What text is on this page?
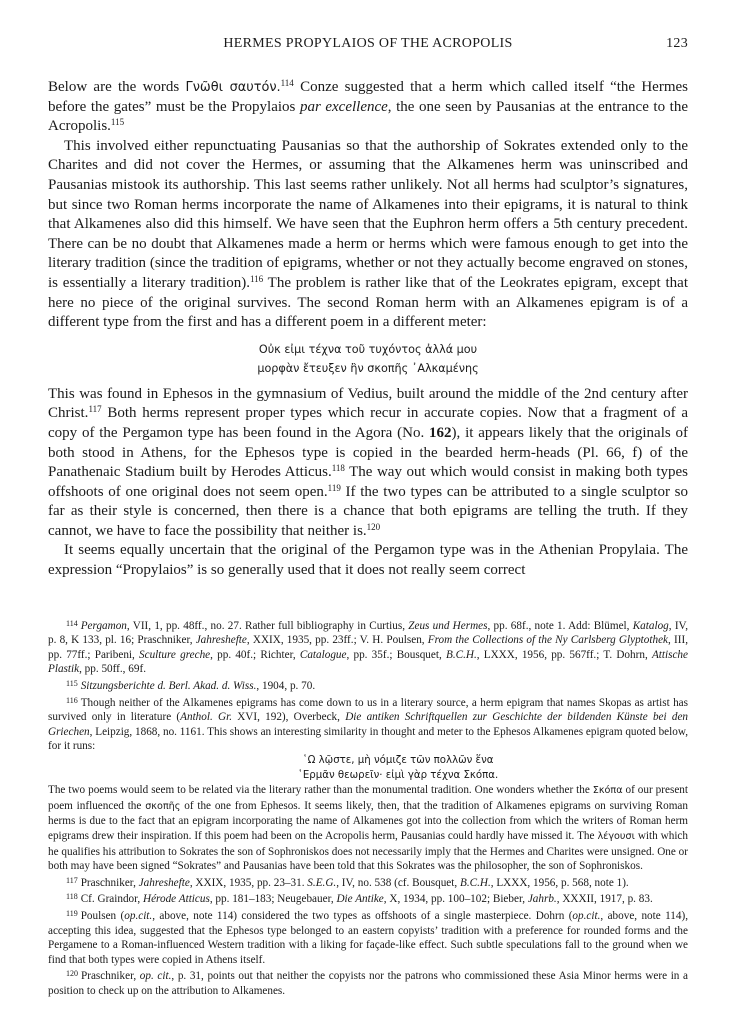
HERMES PROPYLAIOS OF THE ACROPOLIS	123

Below are the words Γνῶθι σαυτόν.$^{114}$ Conze suggested that a herm which called itself “the Hermes before the gates” must be the Propylaios par excellence, the one seen by Pausanias at the entrance to the Acropolis.$^{115}$

This involved either repunctuating Pausanias so that the authorship of Sokrates extended only to the Charites and did not cover the Hermes, or assuming that the Alkamenes herm was uninscribed and Pausanias mistook its authorship. This last seems rather unlikely. Not all herms had sculptor’s signatures, but since two Roman herms incorporate the name of Alkamenes into their epigrams, it is natural to think that Alkamenes also did this himself. We have seen that the Euphron herm offers a 5th century precedent. There can be no doubt that Alkamenes made a herm or herms which were famous enough to get into the literary tradition (since the tradition of epigrams, whether or not they actually become engraved on stones, is essentially a literary tradition).$^{116}$ The problem is rather like that of the Leokrates epigram, except that here no piece of the original survives. The second Roman herm with an Alkamenes epigram is of a different type from the first and has a different poem in a different meter:

Οὐκ εἰμι τέχνα τοῦ τυχόντος ἀλλά μου
μορφὰν ἔτευξεν ἢν σκοπῆς ᾿Αλκαμένης

This was found in Ephesos in the gymnasium of Vedius, built around the middle of the 2nd century after Christ.$^{117}$ Both herms represent proper types which recur in accurate copies. Now that a fragment of a copy of the Pergamon type has been found in the Agora (No. 162), it appears likely that the originals of both stood in Athens, for the Ephesos type is copied in the bearded herm-heads (Pl. 66, f) of the Panathenaic Stadium built by Herodes Atticus.$^{118}$ The way out which would consist in making both types offshoots of one original does not seem open.$^{119}$ If the two types can be attributed to a single sculptor so far as their style is concerned, then there is a chance that both epigrams are telling the truth. If they cannot, we have to face the possibility that neither is.$^{120}$

It seems equally uncertain that the original of the Pergamon type was in the Athenian Propylaia. The expression “Propylaios” is so generally used that it does not really seem correct

$^{114}$ Pergamon, VII, 1, pp. 48ff., no. 27. Rather full bibliography in Curtius, Zeus und Hermes, pp. 68f., note 1. Add: Blümel, Katalog, IV, p. 8, K 133, pl. 16; Praschniker, Jahreshefte, XXIX, 1935, pp. 23ff.; V. H. Poulsen, From the Collections of the Ny Carlsberg Glyptothek, III, pp. 77ff.; Paribeni, Sculture greche, pp. 40f.; Richter, Catalogue, pp. 35f.; Bousquet, B.C.H., LXXX, 1956, pp. 567ff.; T. Dohrn, Attische Plastik, pp. 50ff., 69f.

$^{115}$ Sitzungsberichte d. Berl. Akad. d. Wiss., 1904, p. 70.

$^{116}$ Though neither of the Alkamenes epigrams has come down to us in a literary source, a herm epigram that names Skopas as artist has survived only in literature (Anthol. Gr. XVI, 192), Overbeck, Die antiken Schriftquellen zur Geschichte der bildenden Künste bei den Griechen, Leipzig, 1868, no. 1161. This shows an interesting similarity in thought and meter to the Ephesos Alkamenes epigram quoted below, for it runs:

῾Ω λῷστε, μὴ νόμιζε τῶν πολλῶν ἕνα
῾Ερμᾶν θεωρεῖν· εἰμὶ γὰρ τέχνα Σκόπα.

The two poems would seem to be related via the literary rather than the monumental tradition. One wonders whether the Σκόπα of our present poem influenced the σκοπῆς of the one from Ephesos. It seems likely, then, that the tradition of Alkamenes epigrams on surviving Roman herms is due to the fact that an epigram incorporating the name of Alkamenes got into the collection from which the writers of Roman herm epigrams drew their inspiration. If this poem had been on the Acropolis herm, Pausanias could hardly have missed it. The λέγουσι with which he qualifies his attribution to Sokrates the son of Sophroniskos does not necessarily imply that the Hermes and Charites were unsigned. One or both may have been signed “Sokrates” and Pausanias have been told that this Sokrates was the philosopher, the son of Sophroniskos.

$^{117}$ Praschniker, Jahreshefte, XXIX, 1935, pp. 23–31. S.E.G., IV, no. 538 (cf. Bousquet, B.C.H., LXXX, 1956, p. 568, note 1).

$^{118}$ Cf. Graindor, Hérode Atticus, pp. 181–183; Neugebauer, Die Antike, X, 1934, pp. 100–102; Bieber, Jahrb., XXXII, 1917, p. 83.

$^{119}$ Poulsen (op.cit., above, note 114) considered the two types as offshoots of a single masterpiece. Dohrn (op.cit., above, note 114), accepting this idea, suggested that the Ephesos type belonged to an eastern copyists’ tradition with a preference for rounded forms and the Pergamene to a Roman-influenced Western tradition with a liking for façade-like effect. Such subtle speculations fall to the ground when we find that both types were copied in Athens itself.

$^{120}$ Praschniker, op. cit., p. 31, points out that neither the copyists nor the patrons who commissioned these Asia Minor herms were in a position to check up on the attribution to Alkamenes.
